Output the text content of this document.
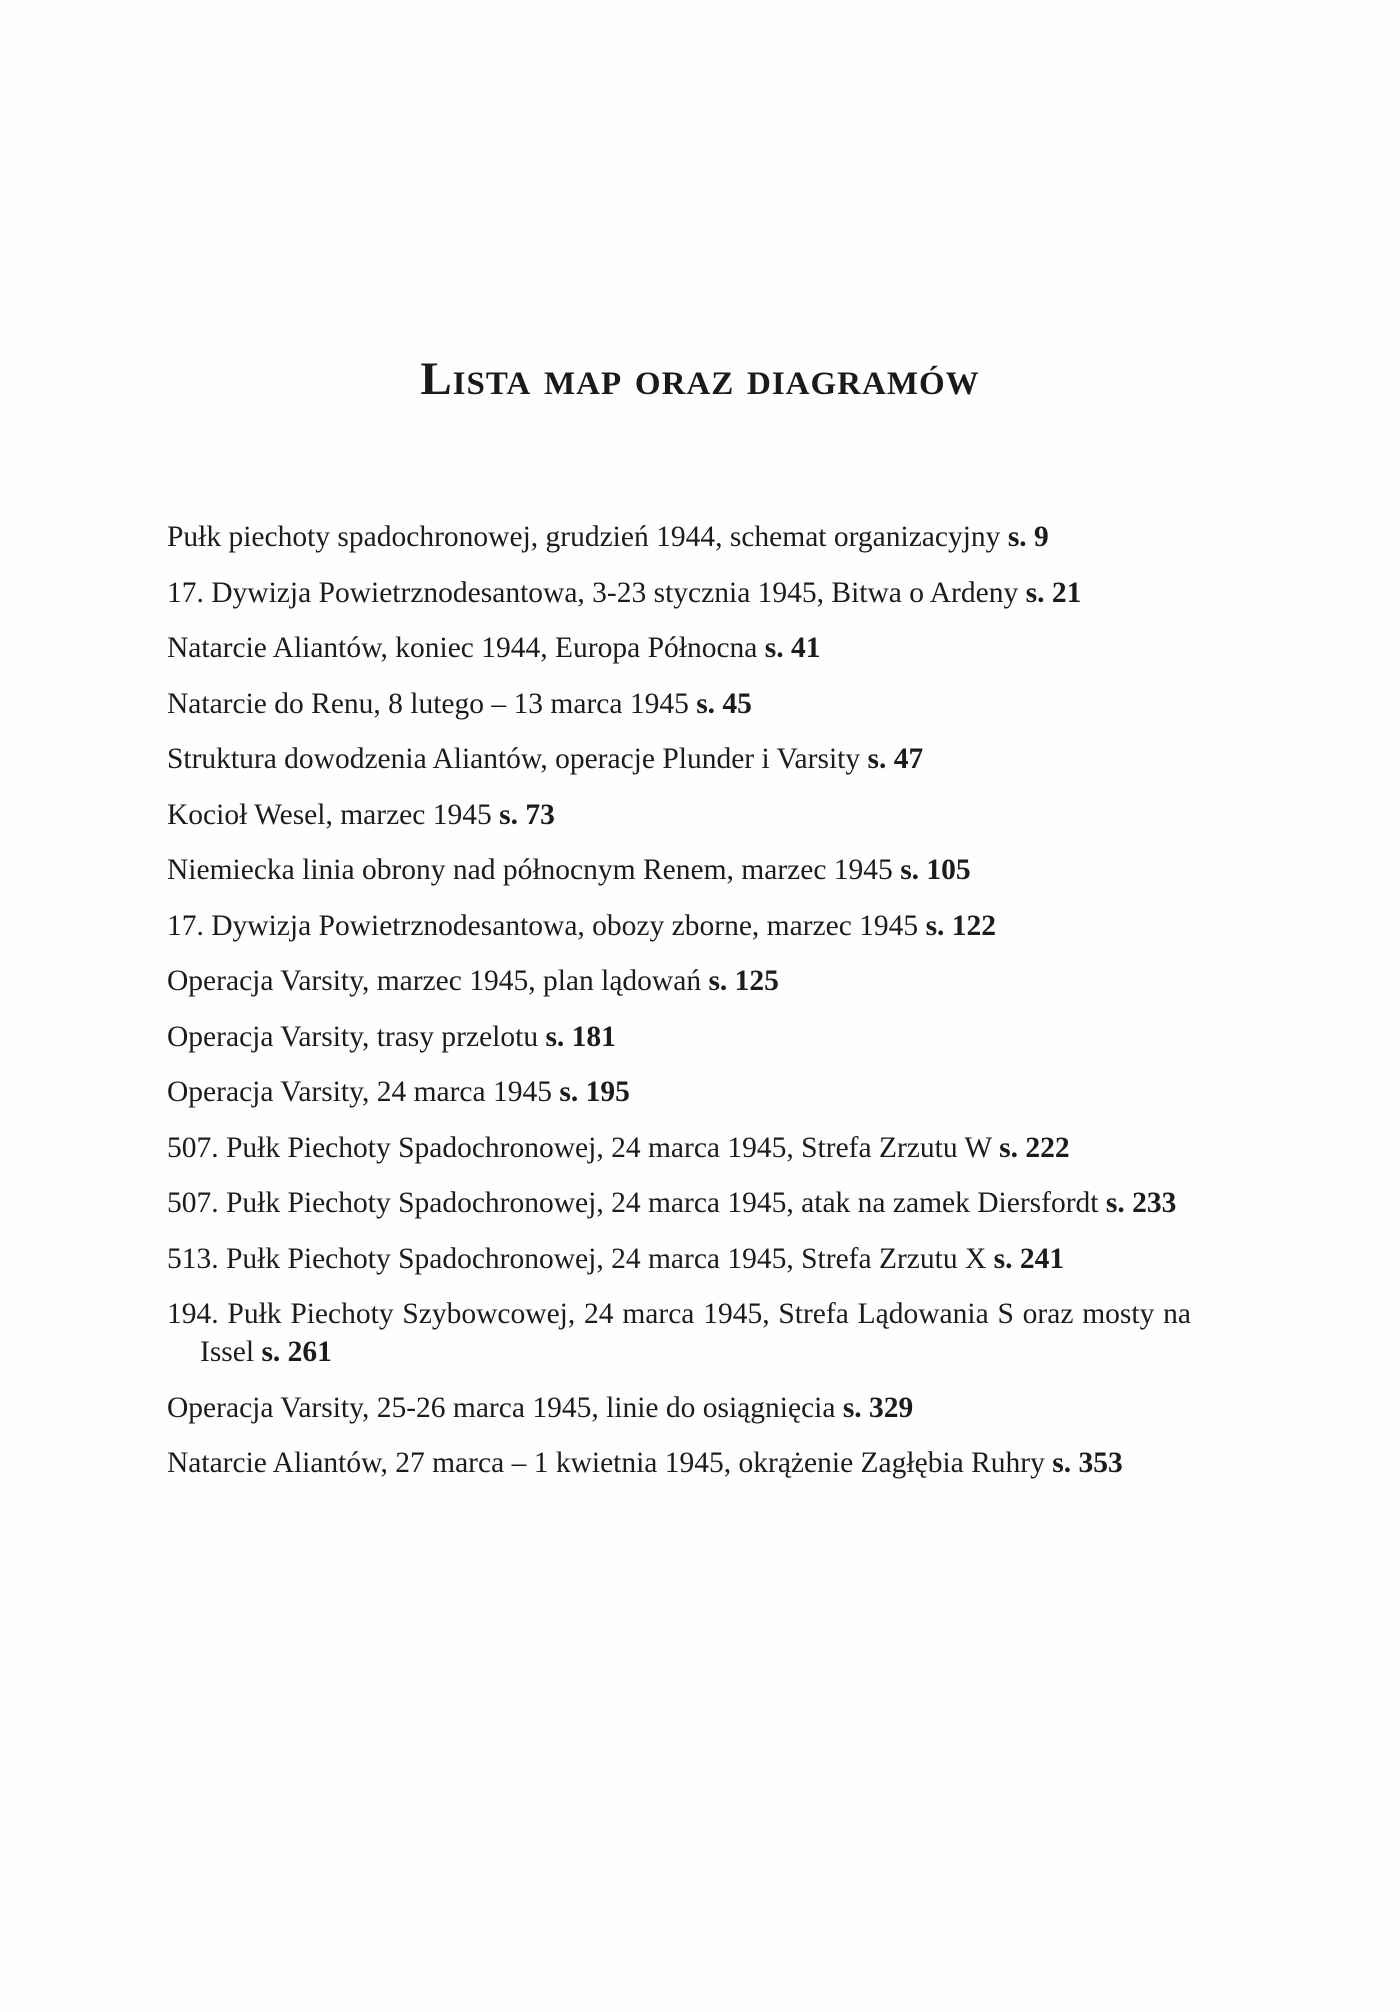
Lista map oraz diagramów
Pułk piechoty spadochronowej, grudzień 1944, schemat organizacyjny s. 9
17. Dywizja Powietrznodesantowa, 3-23 stycznia 1945, Bitwa o Ardeny s. 21
Natarcie Aliantów, koniec 1944, Europa Północna s. 41
Natarcie do Renu, 8 lutego – 13 marca 1945 s. 45
Struktura dowodzenia Aliantów, operacje Plunder i Varsity s. 47
Kocioł Wesel, marzec 1945 s. 73
Niemiecka linia obrony nad północnym Renem, marzec 1945 s. 105
17. Dywizja Powietrznodesantowa, obozy zborne, marzec 1945 s. 122
Operacja Varsity, marzec 1945, plan lądowań s. 125
Operacja Varsity, trasy przelotu s. 181
Operacja Varsity, 24 marca 1945 s. 195
507. Pułk Piechoty Spadochronowej, 24 marca 1945, Strefa Zrzutu W s. 222
507. Pułk Piechoty Spadochronowej, 24 marca 1945, atak na zamek Diersfordt s. 233
513. Pułk Piechoty Spadochronowej, 24 marca 1945, Strefa Zrzutu X s. 241
194. Pułk Piechoty Szybowcowej, 24 marca 1945, Strefa Lądowania S oraz mosty na Issel s. 261
Operacja Varsity, 25-26 marca 1945, linie do osiągnięcia s. 329
Natarcie Aliantów, 27 marca – 1 kwietnia 1945, okrążenie Zagłębia Ruhry s. 353
